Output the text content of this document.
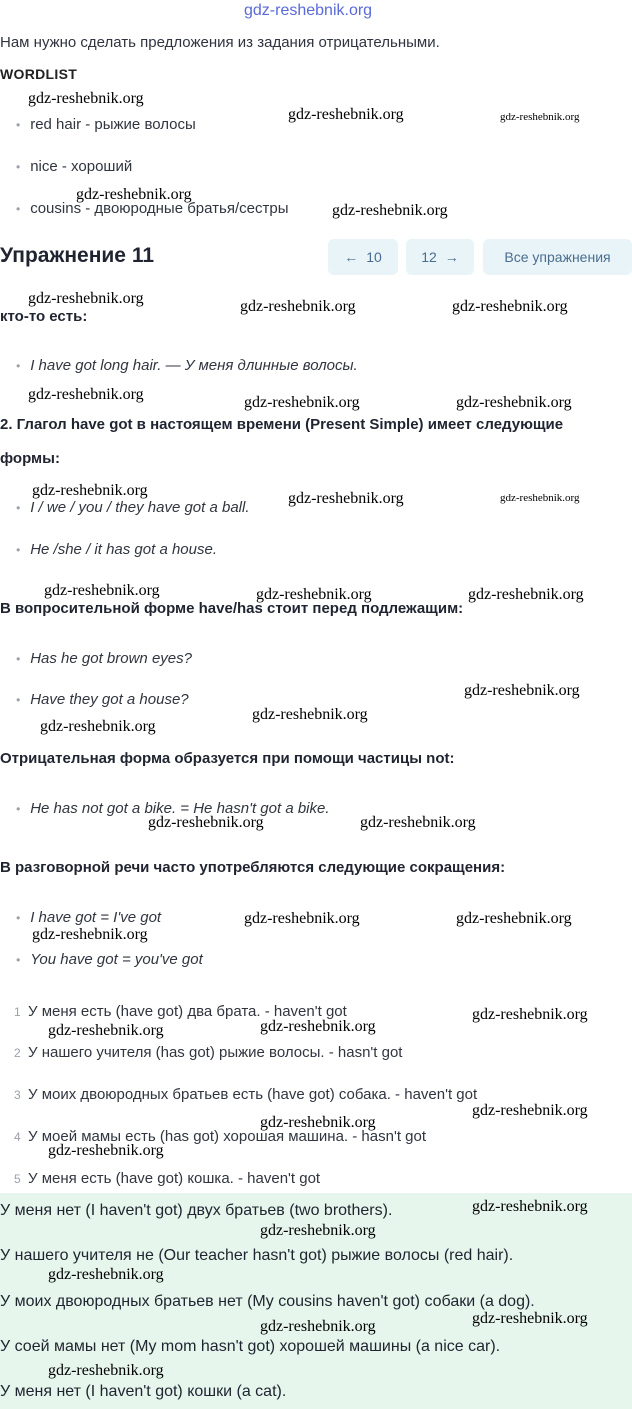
gdz-reshebnik.org
Нам нужно сделать предложения из задания отрицательными.
WORDLIST
• red hair - рыжие волосы
• nice - хороший
• cousins - двоюродные братья/сестры
Упражнение 11	← 10	12 →	Все упражнения
кто-то есть:
• I have got long hair. — У меня длинные волосы.
2. Глагол have got в настоящем времени (Present Simple) имеет следующие
формы:
• I / we / you / they have got a ball.
• He /she / it has got a house.
В вопросительной форме have/has стоит перед подлежащим:
• Has he got brown eyes?
• Have they got a house?
Отрицательная форма образуется при помощи частицы not:
• He has not got a bike. = He hasn't got a bike.
В разговорной речи часто употребляются следующие сокращения:
• I have got = I've got
• You have got = you've got
1 У меня есть (have got) два брата. - haven't got
2 У нашего учителя (has got) рыжие волосы. - hasn't got
3 У моих двоюродных братьев есть (have got) собака. - haven't got
4 У моей мамы есть (has got) хорошая машина. - hasn't got
5 У меня есть (have got) кошка. - haven't got
У меня нет (I haven't got) двух братьев (two brothers).
У нашего учителя не (Our teacher hasn't got) рыжие волосы (red hair).
У моих двоюродных братьев нет (My cousins haven't got) собаки (a dog).
У соей мамы нет (My mom hasn't got) хорошей машины (a nice car).
У меня нет (I haven't got) кошки (a cat).
gdz-reshebnik.org
gdz-reshebnik.org	gdz-reshebnik.org
gdz-reshebnik.org
gdz-reshebnik.org
gdz-reshebnik.org	gdz-reshebnik.org	gdz-reshebnik.org
gdz-reshebnik.org	gdz-reshebnik.org	gdz-reshebnik.org
gdz-reshebnik.org	gdz-reshebnik.org	gdz-reshebnik.org
gdz-reshebnik.org	gdz-reshebnik.org	gdz-reshebnik.org
gdz-reshebnik.org
gdz-reshebnik.org
gdz-reshebnik.org
gdz-reshebnik.org	gdz-reshebnik.org
gdz-reshebnik.org	gdz-reshebnik.org
gdz-reshebnik.org
gdz-reshebnik.org
gdz-reshebnik.org
gdz-reshebnik.org
gdz-reshebnik.org
gdz-reshebnik.org
gdz-reshebnik.org
gdz-reshebnik.org
gdz-reshebnik.org
gdz-reshebnik.org
gdz-reshebnik.org
gdz-reshebnik.org
gdz-reshebnik.org
